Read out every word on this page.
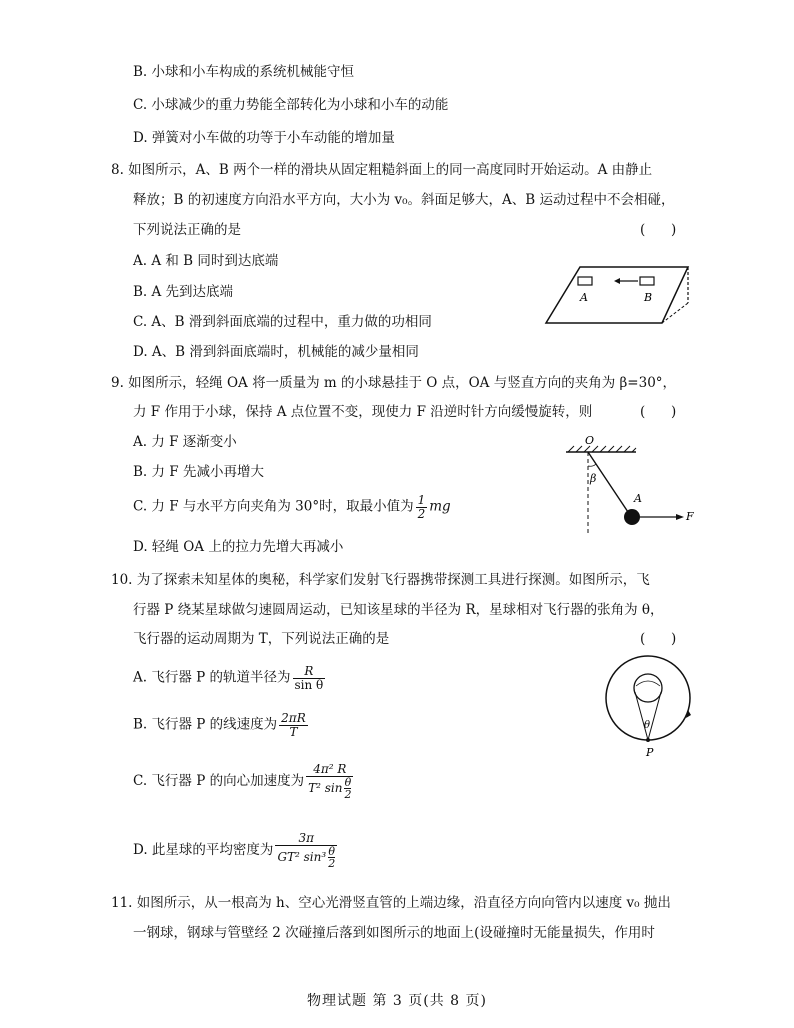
B. 小球和小车构成的系统机械能守恒
C. 小球减少的重力势能全部转化为小球和小车的动能
D. 弹簧对小车做的功等于小车动能的增加量
8. 如图所示，A、B 两个一样的滑块从固定粗糙斜面上的同一高度同时开始运动。A 由静止
释放；B 的初速度方向沿水平方向，大小为 v₀。斜面足够大，A、B 运动过程中不会相碰，
下列说法正确的是	(      )
A. A 和 B 同时到达底端
B. A 先到达底端
C. A、B 滑到斜面底端的过程中，重力做的功相同
D. A、B 滑到斜面底端时，机械能的减少量相同
A	B
9. 如图所示，轻绳 OA 将一质量为 m 的小球悬挂于 O 点，OA 与竖直方向的夹角为 β=30°，
力 F 作用于小球，保持 A 点位置不变，现使力 F 沿逆时针方向缓慢旋转，则	(      )
A. 力 F 逐渐变小
B. 力 F 先减小再增大
C. 力 F 与水平方向夹角为 30°时，取最小值为 $\frac{1}{2}$ mg
D. 轻绳 OA 上的拉力先增大再减小
O
β
A
F
10. 为了探索未知星体的奥秘，科学家们发射飞行器携带探测工具进行探测。如图所示，飞
行器 P 绕某星球做匀速圆周运动，已知该星球的半径为 R，星球相对飞行器的张角为 θ，
飞行器的运动周期为 T，下列说法正确的是	(      )
A. 飞行器 P 的轨道半径为 $\frac{R}{\text{sin θ}}$
B. 飞行器 P 的线速度为 $\frac{2\pi R}{T}$
C. 飞行器 P 的向心加速度为 $\frac{\text{4π² R}}{T^2 \sin \frac{\theta}{2}}$
D. 此星球的平均密度为 $\frac{3\pi}{GT^2 \sin^3 \frac{\theta}{2}}$
θ
P
11. 如图所示，从一根高为 h、空心光滑竖直管的上端边缘，沿直径方向向管内以速度 v₀ 抛出
一钢球，钢球与管壁经 2 次碰撞后落到如图所示的地面上(设碰撞时无能量损失，作用时
物理试题 第 3 页(共 8 页)
